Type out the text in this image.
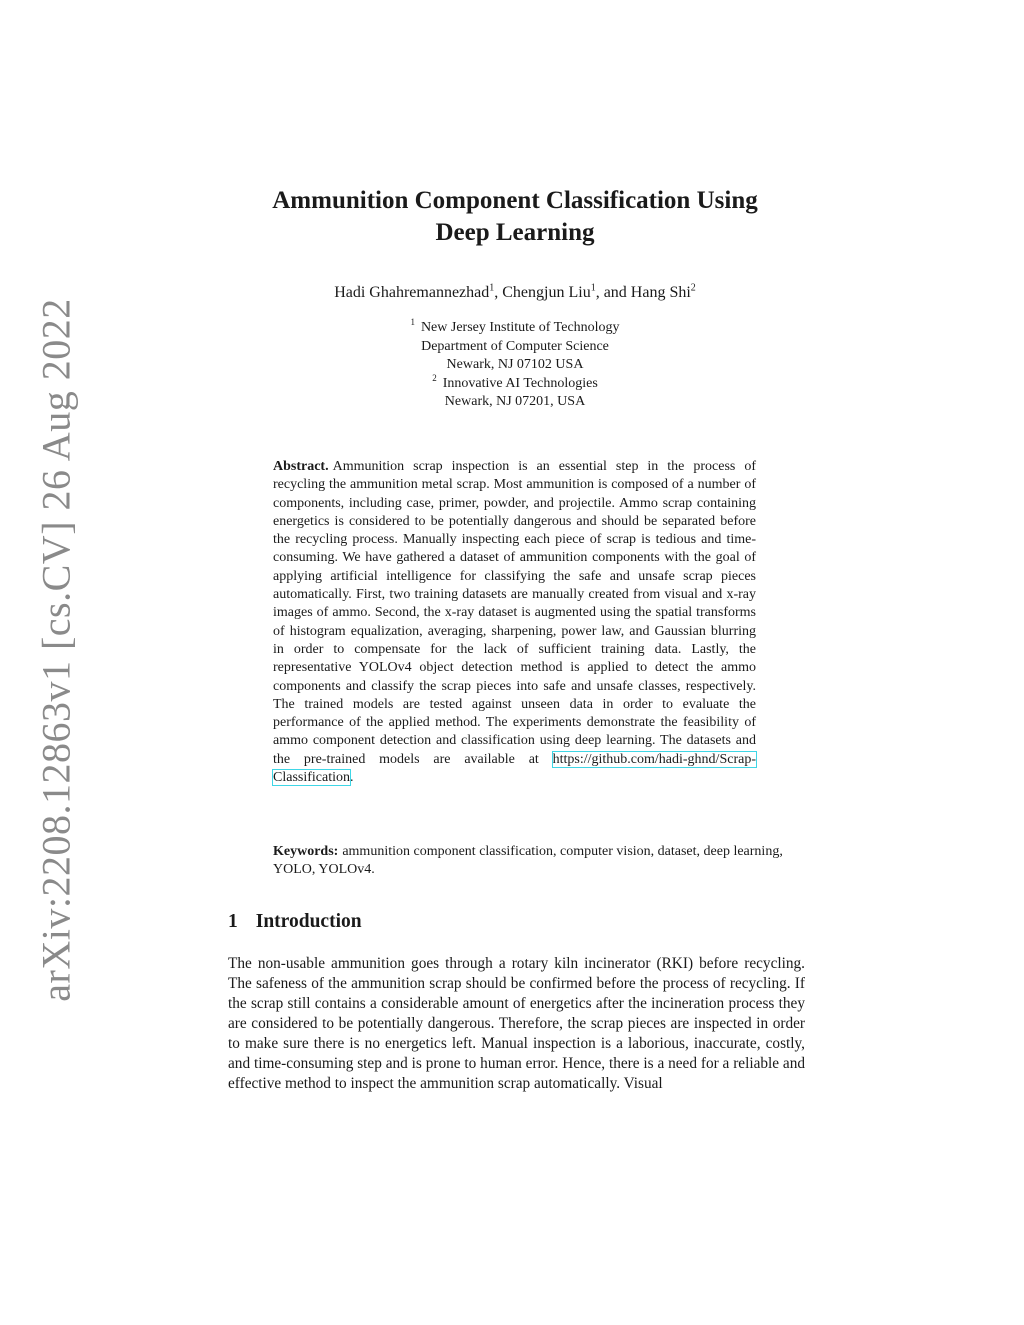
arXiv:2208.12863v1 [cs.CV] 26 Aug 2022
Ammunition Component Classification Using
Deep Learning
Hadi Ghahremannezhad$^1$, Chengjun Liu$^1$, and Hang Shi$^2$
$^1$ New Jersey Institute of Technology
Department of Computer Science
Newark, NJ 07102 USA
$^2$ Innovative AI Technologies
Newark, NJ 07201, USA
Abstract. Ammunition scrap inspection is an essential step in the process of recycling the ammunition metal scrap. Most ammunition is composed of a number of components, including case, primer, powder, and projectile. Ammo scrap containing energetics is considered to be potentially dangerous and should be separated before the recycling process. Manually inspecting each piece of scrap is tedious and time-consuming. We have gathered a dataset of ammunition components with the goal of applying artificial intelligence for classifying the safe and unsafe scrap pieces automatically. First, two training datasets are manually created from visual and x-ray images of ammo. Second, the x-ray dataset is augmented using the spatial transforms of histogram equalization, averaging, sharpening, power law, and Gaussian blurring in order to compensate for the lack of sufficient training data. Lastly, the representative YOLOv4 object detection method is applied to detect the ammo components and classify the scrap pieces into safe and unsafe classes, respectively. The trained models are tested against unseen data in order to evaluate the performance of the applied method. The experiments demonstrate the feasibility of ammo component detection and classification using deep learning. The datasets and the pre-trained models are available at https://github.com/hadi-ghnd/Scrap-Classification.
Keywords: ammunition component classification, computer vision, dataset, deep learning, YOLO, YOLOv4.
1 Introduction

The non-usable ammunition goes through a rotary kiln incinerator (RKI) before recycling. The safeness of the ammunition scrap should be confirmed before the process of recycling. If the scrap still contains a considerable amount of energetics after the incineration process they are considered to be potentially dangerous. Therefore, the scrap pieces are inspected in order to make sure there is no energetics left. Manual inspection is a laborious, inaccurate, costly, and time-consuming step and is prone to human error. Hence, there is a need for a reliable and effective method to inspect the ammunition scrap automatically. Visual
